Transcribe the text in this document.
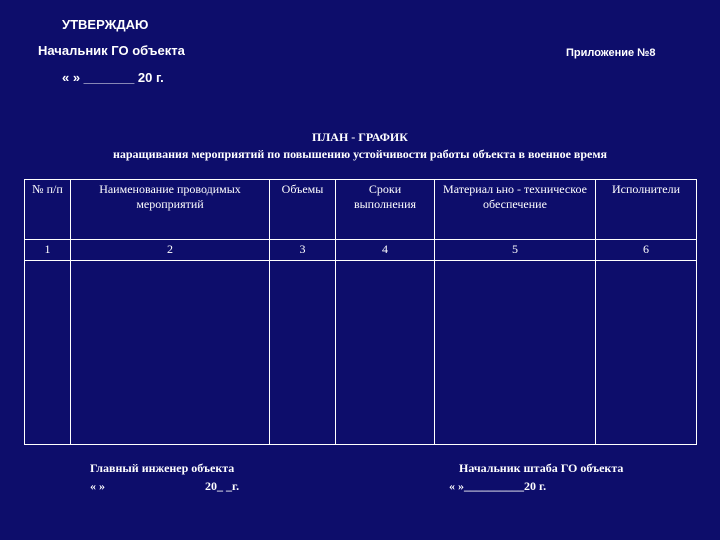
УТВЕРЖДАЮ
Начальник ГО объекта
« » _______ 20 г.
Приложение №8
ПЛАН - ГРАФИК
наращивания мероприятий по повышению устойчивости работы объекта в военное время
№ п/п	Наименование проводимых мероприятий	Объемы	Сроки выполнения	Материал ьно - техническое обеспечение	Исполнители
1	2	3	4	5	6

Главный инженер объекта
« »	20_ _г.
Начальник штаба ГО объекта
« »__________20 г.
